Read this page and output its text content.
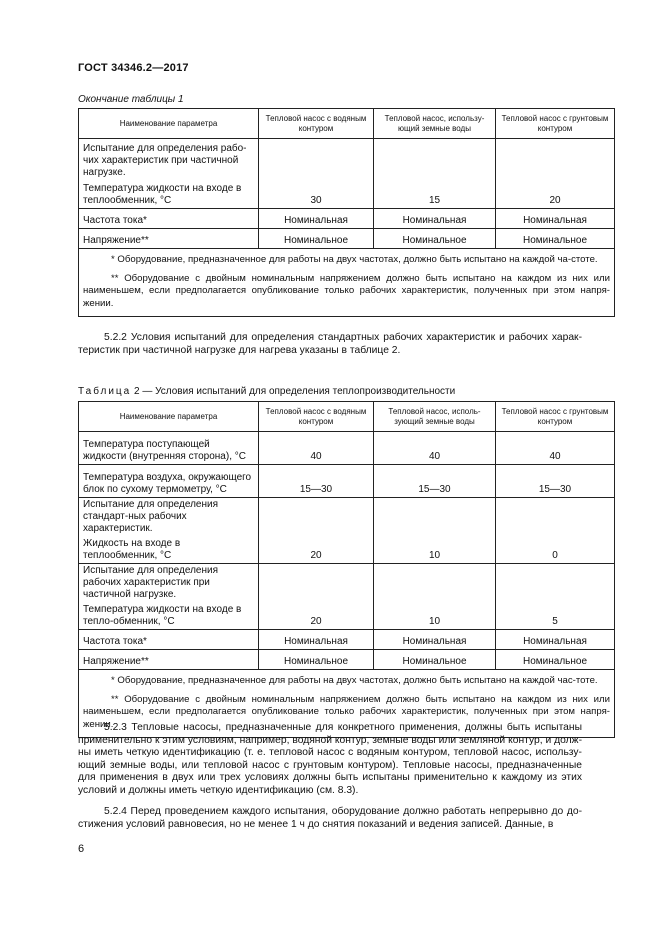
ГОСТ 34346.2—2017
Окончание таблицы 1
Наименование параметра	Тепловой насос с водяным контуром	Тепловой насос, использу-ющий земные воды	Тепловой насос с грунтовым контуром

Испытание для определения рабо-чих характеристик при частичной нагрузке.
Температура жидкости на входе в теплообменник, °С	30	15	20
Частота тока*	Номинальная	Номинальная	Номинальная
Напряжение**	Номинальное	Номинальное	Номинальное

* Оборудование, предназначенное для работы на двух частотах, должно быть испытано на каждой ча-стоте.

** Оборудование с двойным номинальным напряжением должно быть испытано на каждом из них или наименьшем, если предполагается опубликование только рабочих характеристик, полученных при этом напря-жении.			

5.2.2 Условия испытаний для определения стандартных рабочих характеристик и рабочих харак-теристик при частичной нагрузке для нагрева указаны в таблице 2.

Таблица 2 — Условия испытаний для определения теплопроизводительности
Наименование параметра	Тепловой насос с водяным контуром	Тепловой насос, исполь-зующий земные воды	Тепловой насос с грунтовым контуром
Температура поступающей жидкости (внутренняя сторона), °С	40	40	40
Температура воздуха, окружающего блок по сухому термометру, °С	15—30	15—30	15—30

Испытание для определения стандарт-ных рабочих характеристик.
Жидкость на входе в теплообменник, °С	20	10	0

Испытание для определения рабочих характеристик при частичной нагрузке.
Температура жидкости на входе в тепло-обменник, °С	20	10	5
Частота тока*	Номинальная	Номинальная	Номинальная
Напряжение**	Номинальное	Номинальное	Номинальное

* Оборудование, предназначенное для работы на двух частотах, должно быть испытано на каждой час-тоте.

** Оборудование с двойным номинальным напряжением должно быть испытано на каждом из них или наименьшем, если предполагается опубликование только рабочих характеристик, полученных при этом напря-жении.			

5.2.3 Тепловые насосы, предназначенные для конкретного применения, должны быть испытаны применительно к этим условиям, например, водяной контур, земные воды или земляной контур, и долж-ны иметь четкую идентификацию (т. е. тепловой насос с водяным контуром, тепловой насос, использу-ющий земные воды, или тепловой насос с грунтовым контуром). Тепловые насосы, предназначенные для применения в двух или трех условиях должны быть испытаны применительно к каждому из этих условий и должны иметь четкую идентификацию (см. 8.3).

5.2.4 Перед проведением каждого испытания, оборудование должно работать непрерывно до до-стижения условий равновесия, но не менее 1 ч до снятия показаний и ведения записей. Данные, в

6
